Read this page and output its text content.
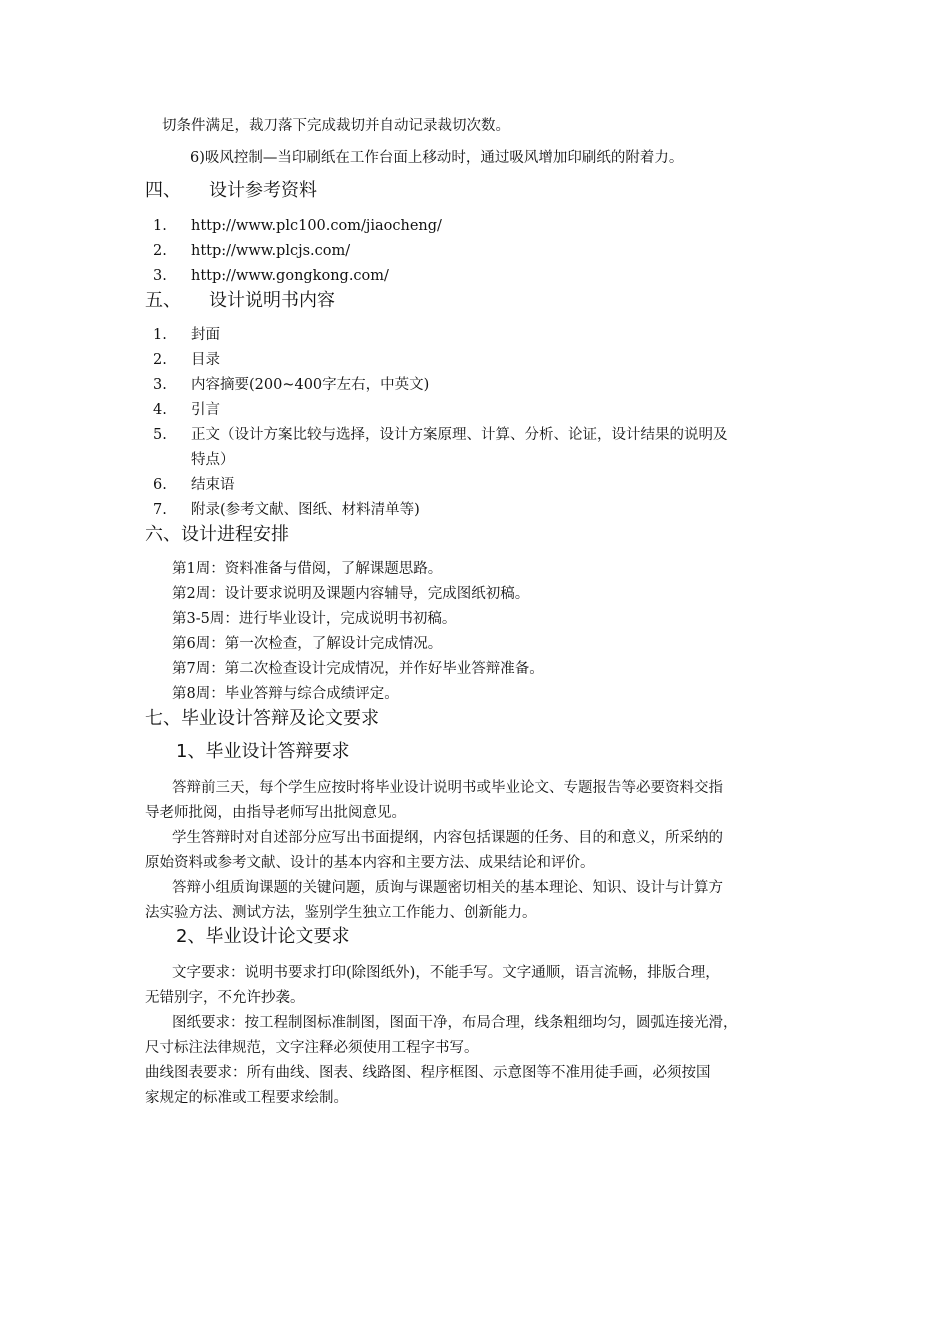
切条件满足，裁刀落下完成裁切并自动记录裁切次数。
6)吸风控制—当印刷纸在工作台面上移动时，通过吸风增加印刷纸的附着力。
四、 设计参考资料
1. http://www.plc100.com/jiaocheng/
2. http://www.plcjs.com/
3. http://www.gongkong.com/
五、 设计说明书内容
1. 封面
2. 目录
3. 内容摘要(200~400字左右，中英文)
4. 引言
5. 正文（设计方案比较与选择，设计方案原理、计算、分析、论证，设计结果的说明及
特点）
6. 结束语
7. 附录(参考文献、图纸、材料清单等)
六、设计进程安排
第1周：资料准备与借阅，了解课题思路。
第2周：设计要求说明及课题内容辅导，完成图纸初稿。
第3-5周：进行毕业设计，完成说明书初稿。
第6周：第一次检查，了解设计完成情况。
第7周：第二次检查设计完成情况，并作好毕业答辩准备。
第8周：毕业答辩与综合成绩评定。
七、毕业设计答辩及论文要求
1、毕业设计答辩要求
答辩前三天，每个学生应按时将毕业设计说明书或毕业论文、专题报告等必要资料交指
导老师批阅，由指导老师写出批阅意见。
学生答辩时对自述部分应写出书面提纲，内容包括课题的任务、目的和意义，所采纳的
原始资料或参考文献、设计的基本内容和主要方法、成果结论和评价。
答辩小组质询课题的关键问题，质询与课题密切相关的基本理论、知识、设计与计算方
法实验方法、测试方法，鉴别学生独立工作能力、创新能力。
2、毕业设计论文要求
文字要求：说明书要求打印(除图纸外)，不能手写。文字通顺，语言流畅，排版合理，
无错别字，不允许抄袭。
图纸要求：按工程制图标准制图，图面干净，布局合理，线条粗细均匀，圆弧连接光滑，
尺寸标注法律规范，文字注释必须使用工程字书写。
曲线图表要求：所有曲线、图表、线路图、程序框图、示意图等不准用徒手画，必须按国
家规定的标准或工程要求绘制。
